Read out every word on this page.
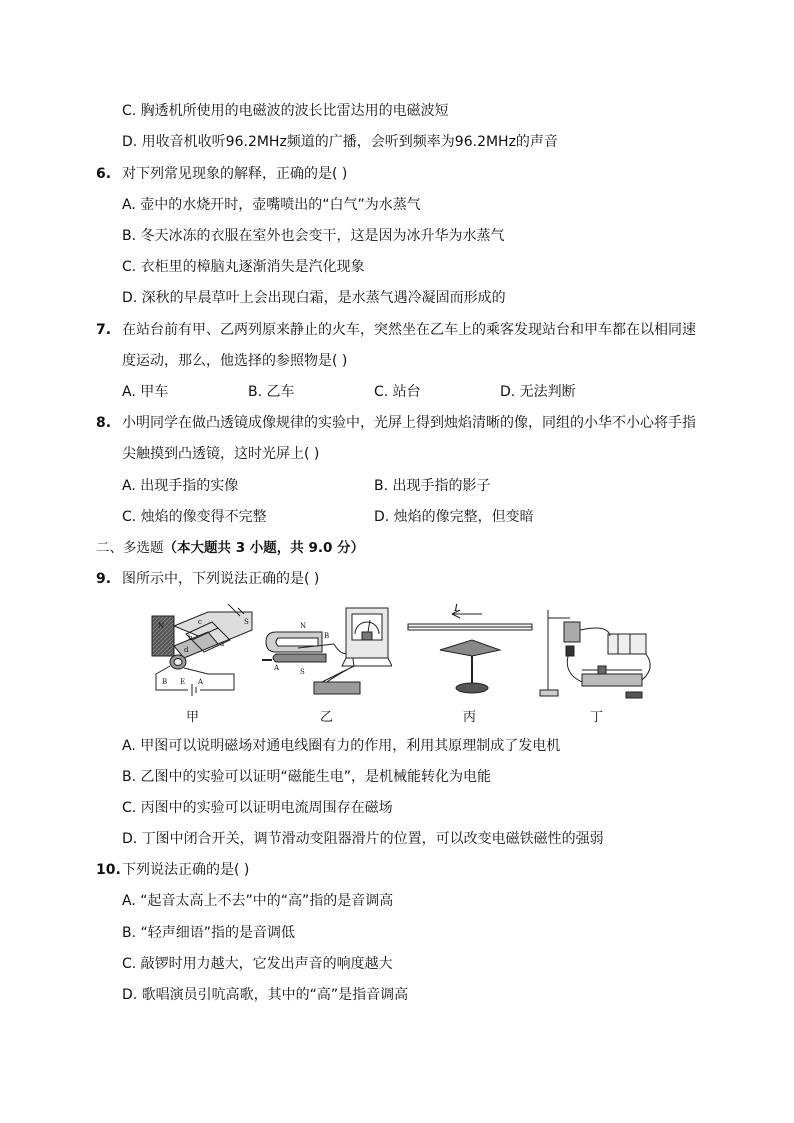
C. 胸透机所使用的电磁波的波长比雷达用的电磁波短
D. 用收音机收听96.2MHz频道的广播，会听到频率为96.2MHz的声音
6. 对下列常见现象的解释，正确的是( )
A. 壶中的水烧开时，壶嘴喷出的“白气”为水蒸气
B. 冬天冰冻的衣服在室外也会变干，这是因为冰升华为水蒸气
C. 衣柜里的樟脑丸逐渐消失是汽化现象
D. 深秋的早晨草叶上会出现白霜，是水蒸气遇冷凝固而形成的
7. 在站台前有甲、乙两列原来静止的火车，突然坐在乙车上的乘客发现站台和甲车都在以相同速
度运动，那么，他选择的参照物是( )
A. 甲车	B. 乙车	C. 站台	D. 无法判断
8. 小明同学在做凸透镜成像规律的实验中，光屏上得到烛焰清晰的像，同组的小华不小心将手指
尖触摸到凸透镜，这时光屏上( )
A. 出现手指的实像	B. 出现手指的影子
C. 烛焰的像变得不完整	D. 烛焰的像完整，但变暗
二、多选题（本大题共 3 小题，共 9.0 分）
9. 图所示中，下列说法正确的是( )
N	S
c
b
a
d
B E A
N
S
A
B
I
甲	乙	丙	丁
A. 甲图可以说明磁场对通电线圈有力的作用，利用其原理制成了发电机
B. 乙图中的实验可以证明“磁能生电”，是机械能转化为电能
C. 丙图中的实验可以证明电流周围存在磁场
D. 丁图中闭合开关，调节滑动变阻器滑片的位置，可以改变电磁铁磁性的强弱
10. 下列说法正确的是( )
A. “起音太高上不去”中的“高”指的是音调高
B. “轻声细语”指的是音调低
C. 敲锣时用力越大，它发出声音的响度越大
D. 歌唱演员引吭高歌，其中的“高”是指音调高
